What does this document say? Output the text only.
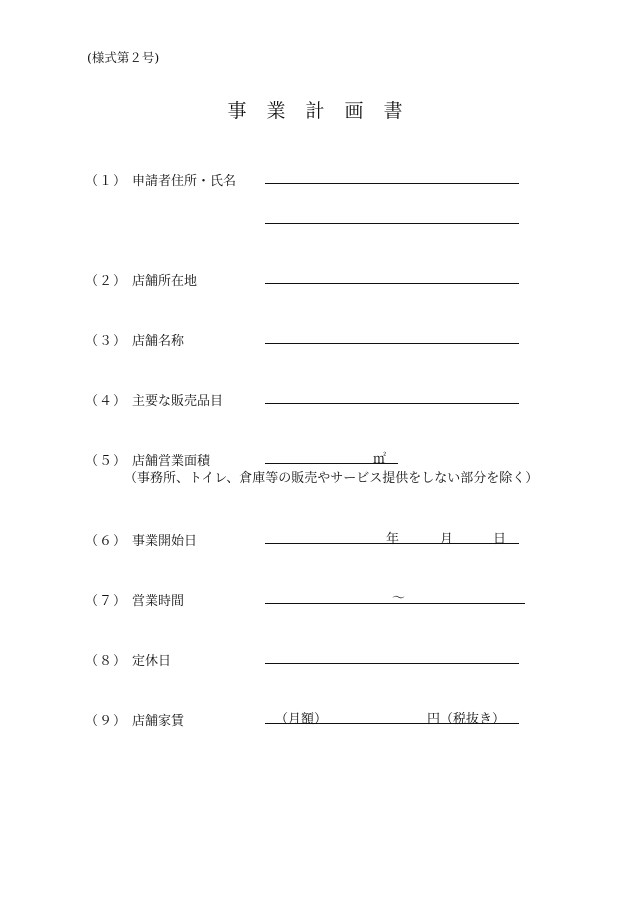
(様式第２号)
事 業 計 画 書
（１） 申請者住所・氏名
（２） 店舗所在地
（３） 店舗名称
（４） 主要な販売品目
（５） 店舗営業面積	㎡
（事務所、トイレ、倉庫等の販売やサービス提供をしない部分を除く）
（６） 事業開始日	年	月	日
（７） 営業時間	～
（８） 定休日
（９） 店舗家賃	（月額）	円（税抜き）
